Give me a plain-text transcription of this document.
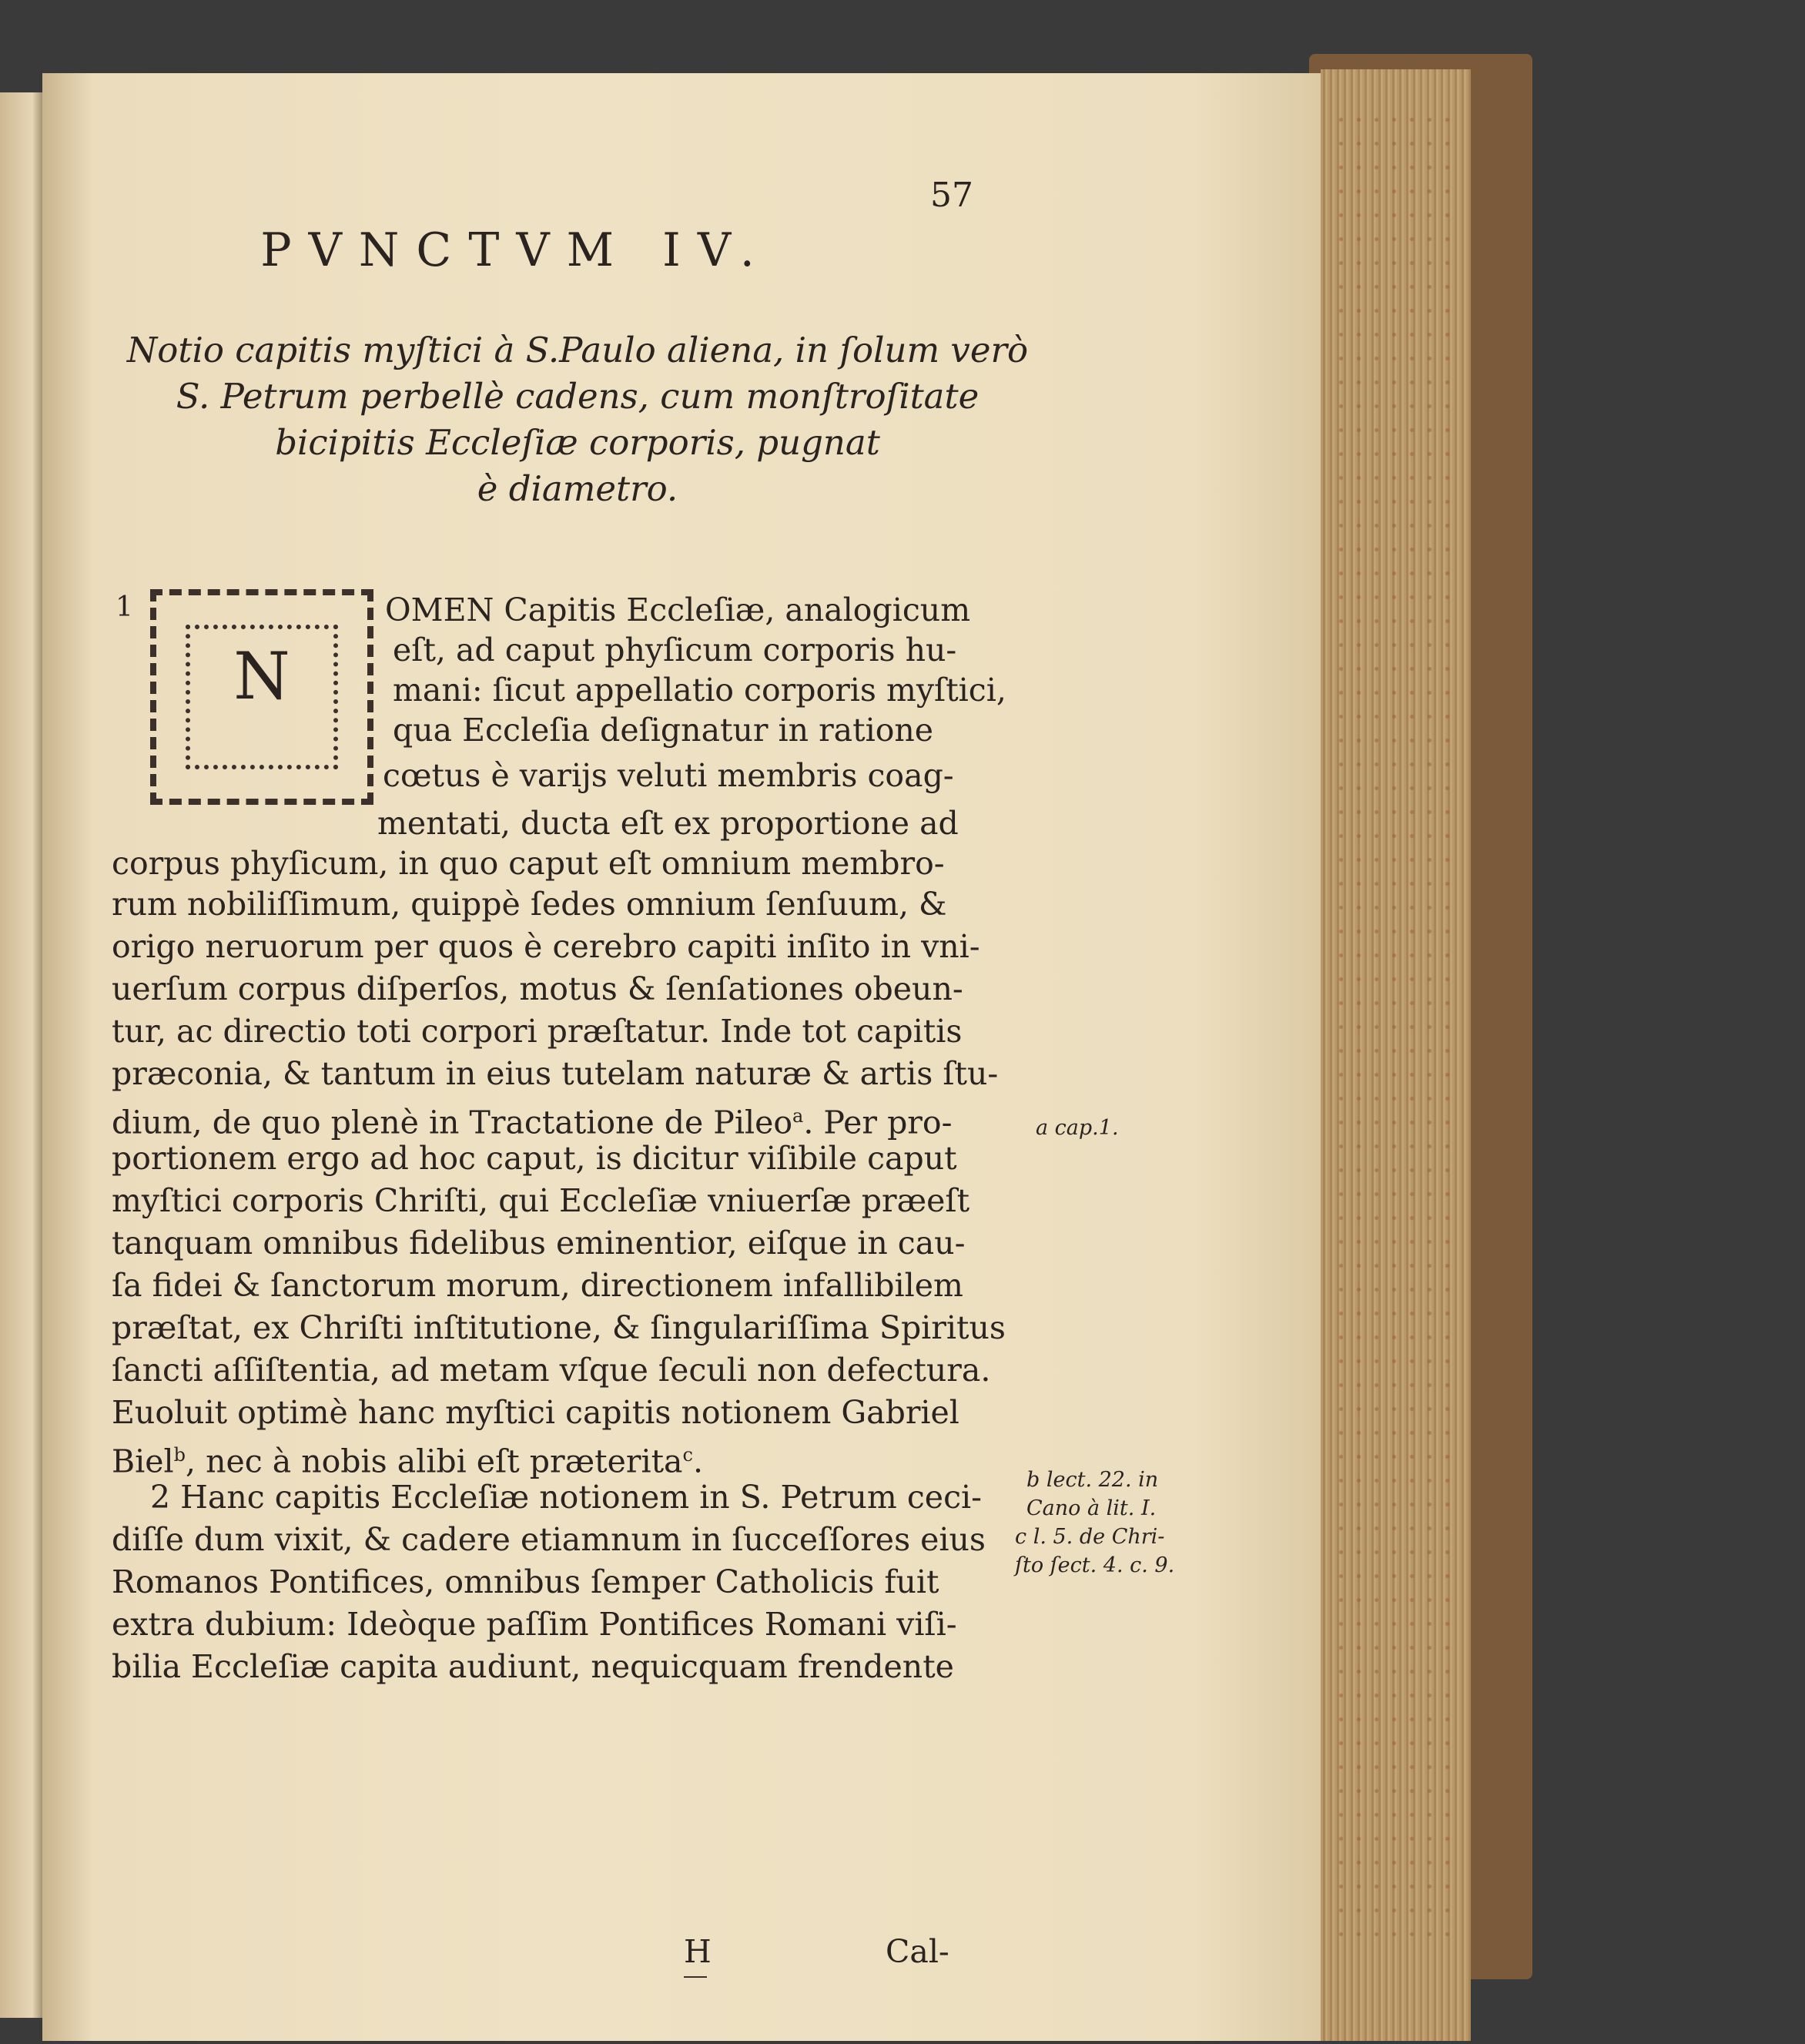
57
PVNCTVM IV.
Notio capitis myſtici à S.Paulo aliena, in ſolum verò
S. Petrum perbellè cadens, cum monſtroſitate
bicipitis Eccleſiæ corporis, pugnat
è diametro.
1
N
OMEN Capitis Eccleſiæ, analogicum
eſt, ad caput phyſicum corporis hu-
mani: ſicut appellatio corporis myſtici,
qua Eccleſia deſignatur in ratione
cœtus è varijs veluti membris coag-
mentati, ducta eſt ex proportione ad
corpus phyſicum, in quo caput eſt omnium membro-
rum nobiliſſimum, quippè ſedes omnium ſenſuum, &
origo neruorum per quos è cerebro capiti inſito in vni-
uerſum corpus diſperſos, motus & ſenſationes obeun-
tur, ac directio toti corpori præſtatur. Inde tot capitis
præconia, & tantum in eius tutelam naturæ & artis ſtu-
dium, de quo plenè in Tractatione de Pileo$^a$. Per pro-
portionem ergo ad hoc caput, is dicitur viſibile caput
myſtici corporis Chriſti, qui Eccleſiæ vniuerſæ præeſt
tanquam omnibus fidelibus eminentior, eiſque in cau-
ſa fidei & ſanctorum morum, directionem infallibilem
præſtat, ex Chriſti inſtitutione, & ſingulariſſima Spiritus
ſancti aſſiſtentia, ad metam vſque ſeculi non defectura.
Euoluit optimè hanc myſtici capitis notionem Gabriel
Biel$^b$, nec à nobis alibi eſt præterita$^c$.
2 Hanc capitis Eccleſiæ notionem in S. Petrum ceci-
diſſe dum vixit, & cadere etiamnum in ſucceſſores eius
Romanos Pontifices, omnibus ſemper Catholicis fuit
extra dubium: Ideòque paſſim Pontifices Romani viſi-
bilia Eccleſiæ capita audiunt, nequicquam frendente
a cap.1.
b lect. 22. in
Cano à lit. I.
c l. 5. de Chri-
ſto ſect. 4. c. 9.
H	Cal-
